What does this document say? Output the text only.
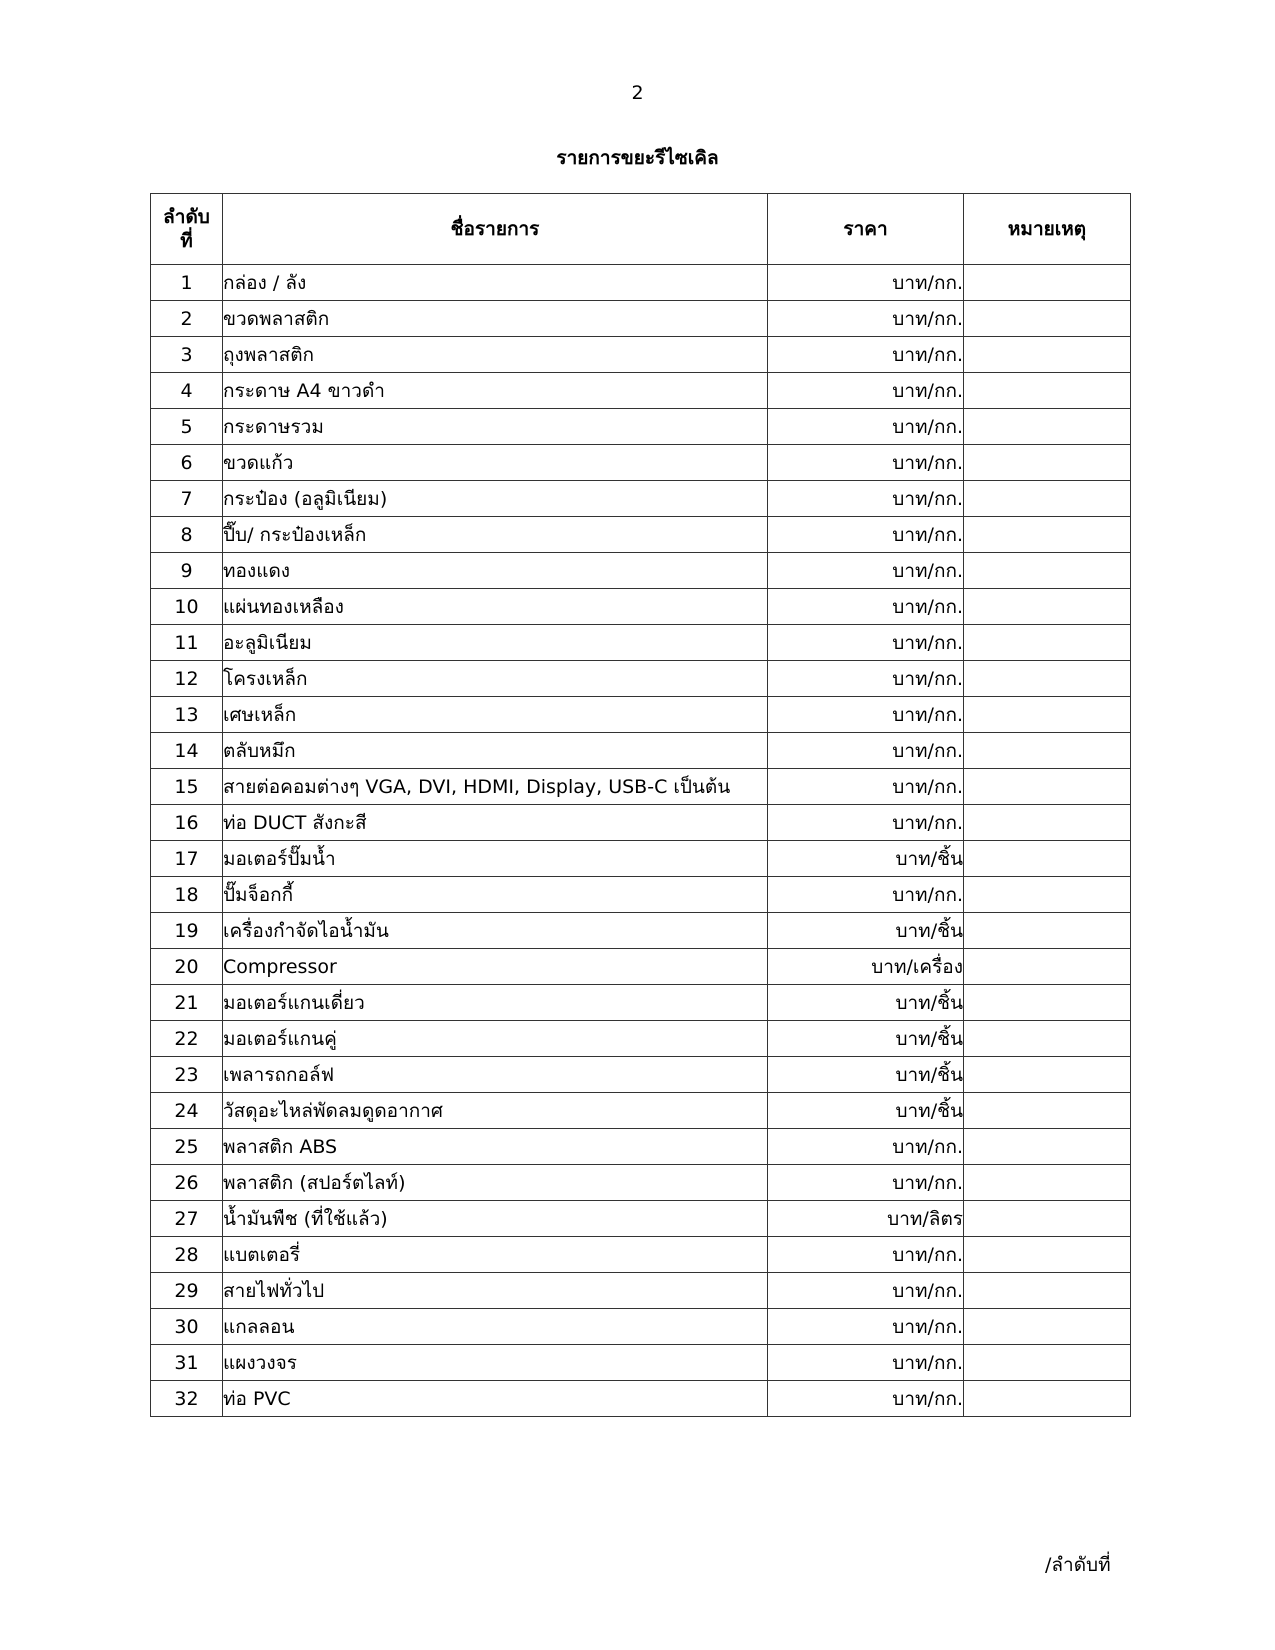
2
รายการขยะรีไซเคิล
ลำดับ
ที่	ชื่อรายการ	ราคา	หมายเหตุ
1	กล่อง / ลัง	บาท/กก.	
2	ขวดพลาสติก	บาท/กก.	
3	ถุงพลาสติก	บาท/กก.	
4	กระดาษ A4 ขาวดำ	บาท/กก.	
5	กระดาษรวม	บาท/กก.	
6	ขวดแก้ว	บาท/กก.	
7	กระป๋อง (อลูมิเนียม)	บาท/กก.	
8	ปี๊บ/ กระป๋องเหล็ก	บาท/กก.	
9	ทองแดง	บาท/กก.	
10	แผ่นทองเหลือง	บาท/กก.	
11	อะลูมิเนียม	บาท/กก.	
12	โครงเหล็ก	บาท/กก.	
13	เศษเหล็ก	บาท/กก.	
14	ตลับหมึก	บาท/กก.	
15	สายต่อคอมต่างๆ VGA, DVI, HDMI, Display, USB-C เป็นต้น	บาท/กก.	
16	ท่อ DUCT สังกะสี	บาท/กก.	
17	มอเตอร์ปั๊มน้ำ	บาท/ชิ้น	
18	ปั๊มจ็อกกี้	บาท/กก.	
19	เครื่องกำจัดไอน้ำมัน	บาท/ชิ้น	
20	Compressor	บาท/เครื่อง	
21	มอเตอร์แกนเดี่ยว	บาท/ชิ้น	
22	มอเตอร์แกนคู่	บาท/ชิ้น	
23	เพลารถกอล์ฟ	บาท/ชิ้น	
24	วัสดุอะไหล่พัดลมดูดอากาศ	บาท/ชิ้น	
25	พลาสติก ABS	บาท/กก.	
26	พลาสติก (สปอร์ตไลท์)	บาท/กก.	
27	น้ำมันพืช (ที่ใช้แล้ว)	บาท/ลิตร	
28	แบตเตอรี่	บาท/กก.	
29	สายไฟทั่วไป	บาท/กก.	
30	แกลลอน	บาท/กก.	
31	แผงวงจร	บาท/กก.	
32	ท่อ PVC	บาท/กก.	
/ลำดับที่
